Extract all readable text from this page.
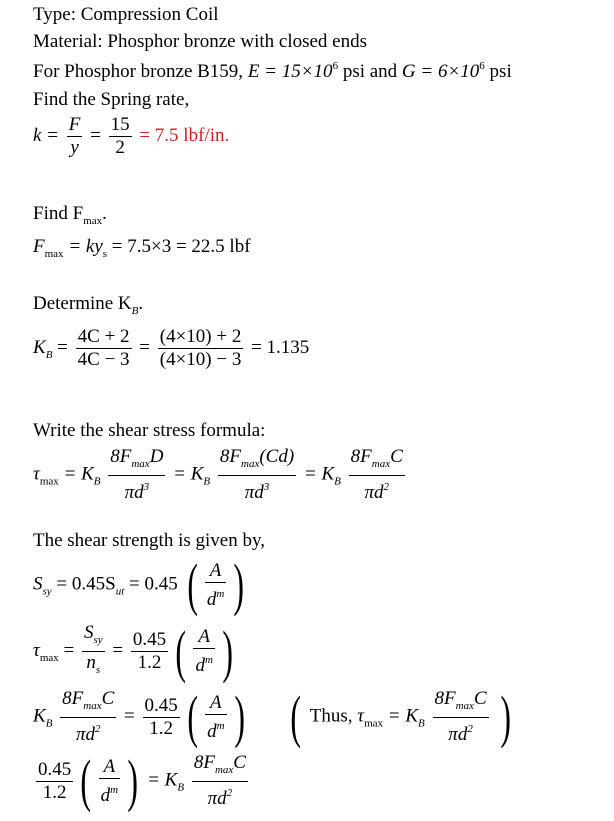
Type: Compression Coil
Material: Phosphor bronze with closed ends
For Phosphor bronze B159, $E = 15\times 10^6$ psi and $G = 6\times 10^6$ psi
Find the Spring rate,
$k = \frac{F}{y} = \frac{15}{2} = 7.5$ lbf/in.
Find $F_{max}$.
$F_{max} = ky_s = 7.5\times 3 = 22.5$ lbf
Determine $K_B$.
$K_B = \frac{4C + 2}{4C - 3} = \frac{(4\times 10) + 2}{(4\times 10) - 3} = 1.135$
Write the shear stress formula:
$\tau_{max} = K_B \frac{8F_{max}D}{\pi d^3} = K_B \frac{8F_{max}(Cd)}{\pi d^3} = K_B \frac{8F_{max}C}{\pi d^2}$
The shear strength is given by,
$S_{sy} = 0.45S_{ut} = 0.45$ ( $\frac{A}{d^m}$ )
$\tau_{max} = \frac{S_{sy}}{n_s} = \frac{0.45}{1.2}$ ( $\frac{A}{d^m}$ )
$K_B \frac{8F_{max}C}{\pi d^2} = \frac{0.45}{1.2}$ ( $\frac{A}{d^m}$ ) ( Thus, $\tau_{max} = K_B \frac{8F_{max}C}{\pi d^2}$ )
$\frac{0.45}{1.2}$ ( $\frac{A}{d^m}$ ) = $K_B \frac{8F_{max}C}{\pi d^2}$
